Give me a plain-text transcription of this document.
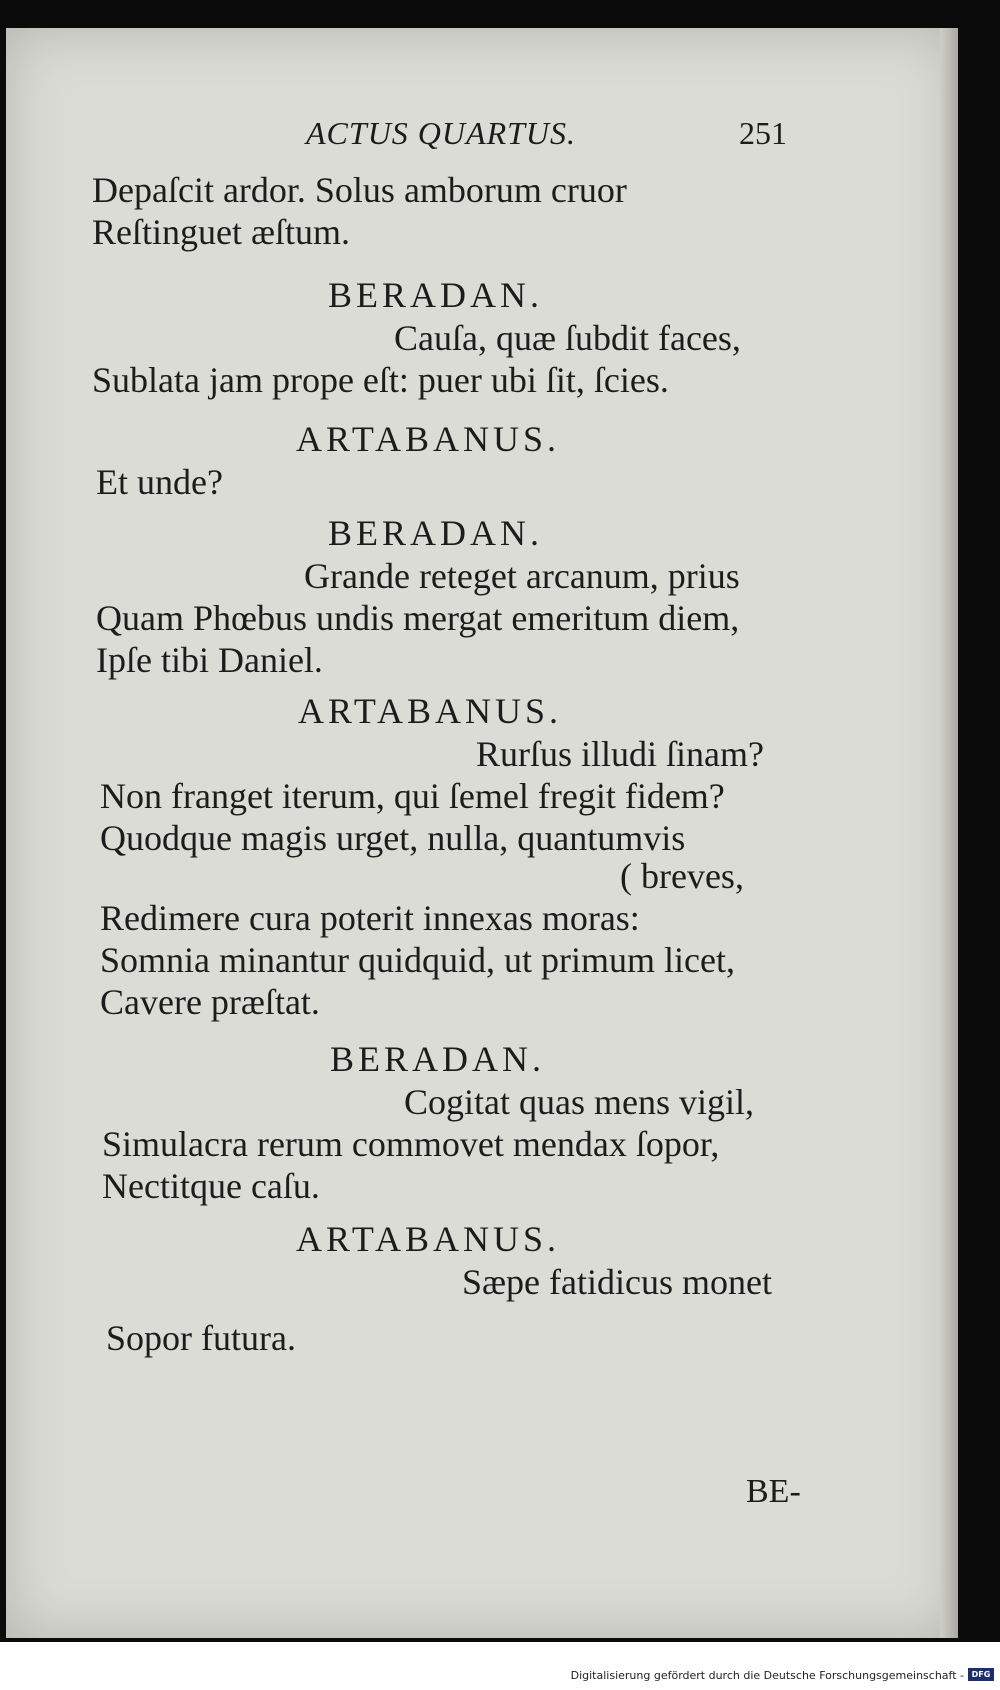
ACTUS QUARTUS.	251
Depaſcit ardor. Solus amborum cruor
Reſtinguet æſtum.
BERADAN.
Cauſa, quæ ſubdit faces,
Sublata jam prope eſt: puer ubi ſit, ſcies.
ARTABANUS.
Et unde?
BERADAN.
Grande reteget arcanum, prius
Quam Phœbus undis mergat emeritum diem,
Ipſe tibi Daniel.
ARTABANUS.
Rurſus illudi ſinam?
Non franget iterum, qui ſemel fregit fidem?
Quodque magis urget, nulla, quantumvis
( breves,
Redimere cura poterit innexas moras:
Somnia minantur quidquid, ut primum licet,
Cavere præſtat.
BERADAN.
Cogitat quas mens vigil,
Simulacra rerum commovet mendax ſopor,
Nectitque caſu.
ARTABANUS.
Sæpe fatidicus monet
Sopor futura.
BE-
Digitalisierung gefördert durch die Deutsche Forschungsgemeinschaft - DFG
